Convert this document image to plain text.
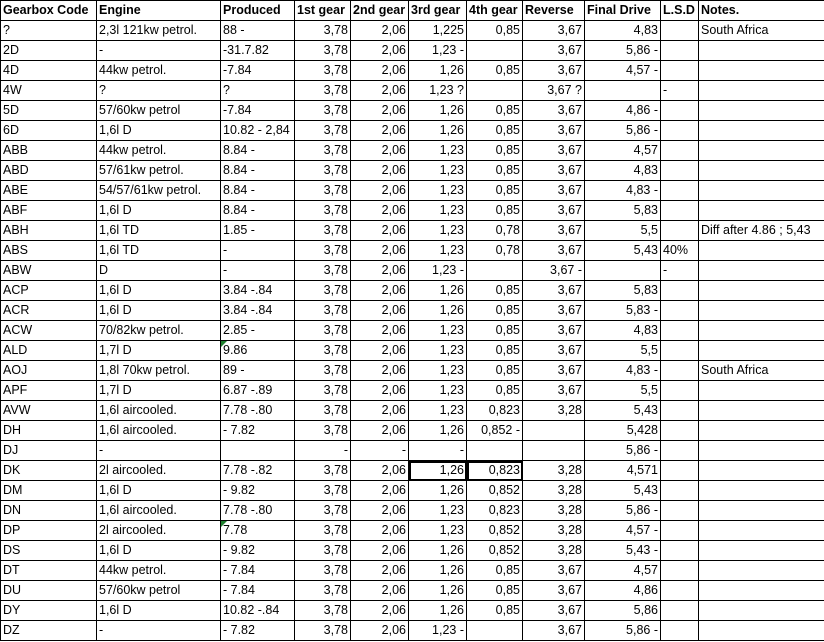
Gearbox Code	Engine	Produced	1st gear	2nd gear	3rd gear	4th gear	Reverse	Final Drive	L.S.D	Notes.
?	2,3l 121kw petrol.	88 -	3,78	2,06	1,225	0,85	3,67	4,83		South Africa
2D	-	-31.7.82	3,78	2,06	1,23 -		3,67	5,86 -		
4D	44kw petrol.	-7.84	3,78	2,06	1,26	0,85	3,67	4,57 -		
4W	?	?	3,78	2,06	1,23 ?		3,67 ?		-	
5D	57/60kw petrol	-7.84	3,78	2,06	1,26	0,85	3,67	4,86 -		
6D	1,6l D	10.82 - 2,84	3,78	2,06	1,26	0,85	3,67	5,86 -		
ABB	44kw petrol.	8.84 -	3,78	2,06	1,23	0,85	3,67	4,57		
ABD	57/61kw petrol.	8.84 -	3,78	2,06	1,23	0,85	3,67	4,83		
ABE	54/57/61kw petrol.	8.84 -	3,78	2,06	1,23	0,85	3,67	4,83 -		
ABF	1,6l D	8.84 -	3,78	2,06	1,23	0,85	3,67	5,83		
ABH	1,6l TD	1.85 -	3,78	2,06	1,23	0,78	3,67	5,5		Diff after 4.86 ; 5,43
ABS	1,6l TD	-	3,78	2,06	1,23	0,78	3,67	5,43	40%	
ABW	D	-	3,78	2,06	1,23 -		3,67 -		-	
ACP	1,6l D	3.84 -.84	3,78	2,06	1,26	0,85	3,67	5,83		
ACR	1,6l D	3.84 -.84	3,78	2,06	1,26	0,85	3,67	5,83 -		
ACW	70/82kw petrol.	2.85 -	3,78	2,06	1,23	0,85	3,67	4,83		
ALD	1,7l D	9.86	3,78	2,06	1,23	0,85	3,67	5,5		
AOJ	1,8l 70kw petrol.	89 -	3,78	2,06	1,23	0,85	3,67	4,83 -		South Africa
APF	1,7l D	6.87 -.89	3,78	2,06	1,23	0,85	3,67	5,5		
AVW	1,6l aircooled.	7.78 -.80	3,78	2,06	1,23	0,823	3,28	5,43		
DH	1,6l aircooled.	- 7.82	3,78	2,06	1,26	0,852 -		5,428		
DJ	-		-	-	-			5,86 -		
DK	2l aircooled.	7.78 -.82	3,78	2,06	1,26	0,823	3,28	4,571		
DM	1,6l D	- 9.82	3,78	2,06	1,26	0,852	3,28	5,43		
DN	1,6l aircooled.	7.78 -.80	3,78	2,06	1,23	0,823	3,28	5,86 -		
DP	2l aircooled.	7.78	3,78	2,06	1,23	0,852	3,28	4,57 -		
DS	1,6l D	- 9.82	3,78	2,06	1,26	0,852	3,28	5,43 -		
DT	44kw petrol.	- 7.84	3,78	2,06	1,26	0,85	3,67	4,57		
DU	57/60kw petrol	- 7.84	3,78	2,06	1,26	0,85	3,67	4,86		
DY	1,6l D	10.82 -.84	3,78	2,06	1,26	0,85	3,67	5,86		
DZ	-	- 7.82	3,78	2,06	1,23 -		3,67	5,86 -		
